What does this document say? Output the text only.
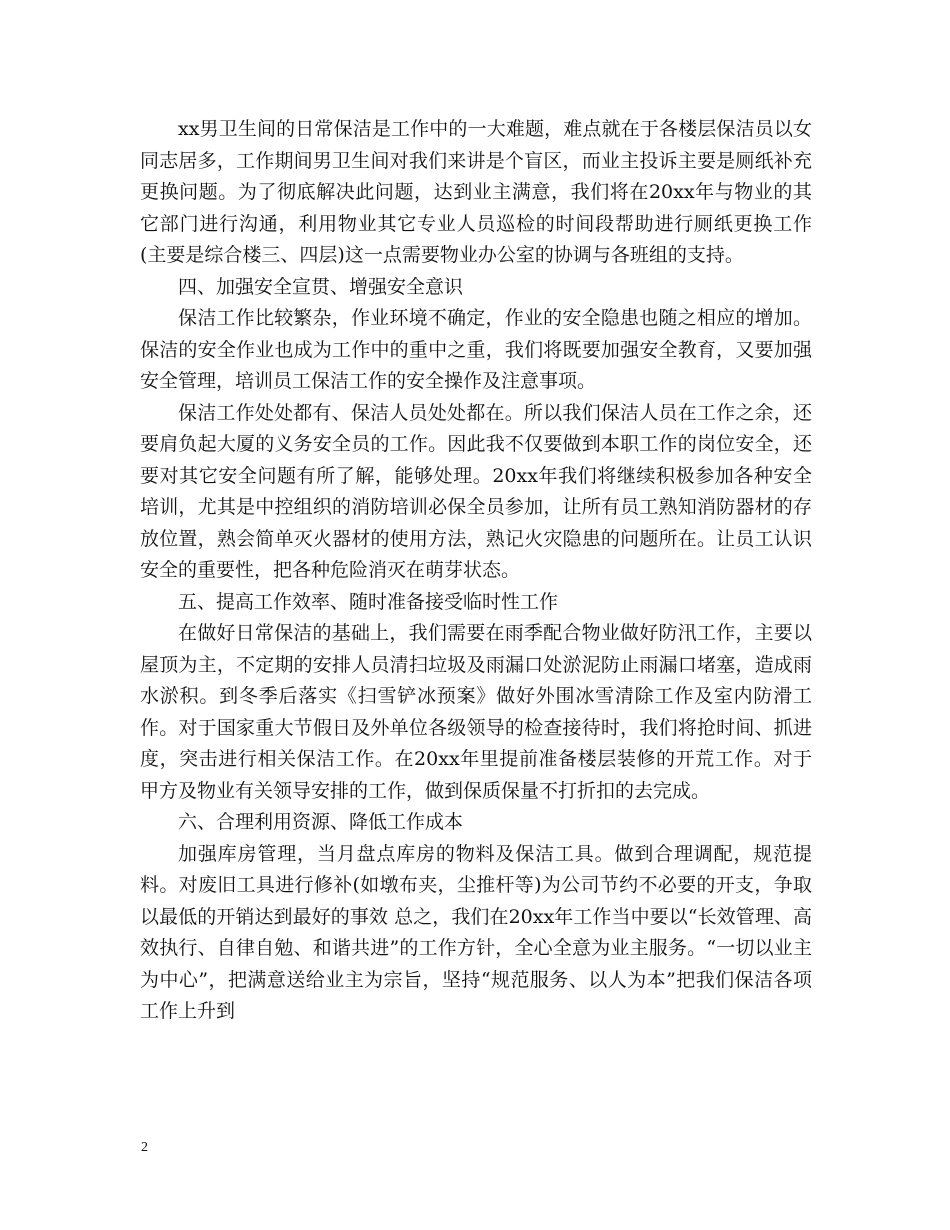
xx男卫生间的日常保洁是工作中的一大难题，难点就在于各楼层保洁员以女同志居多，工作期间男卫生间对我们来讲是个盲区，而业主投诉主要是厕纸补充更换问题。为了彻底解决此问题，达到业主满意，我们将在20xx年与物业的其它部门进行沟通，利用物业其它专业人员巡检的时间段帮助进行厕纸更换工作(主要是综合楼三、四层)这一点需要物业办公室的协调与各班组的支持。

四、加强安全宣贯、增强安全意识

保洁工作比较繁杂，作业环境不确定，作业的安全隐患也随之相应的增加。保洁的安全作业也成为工作中的重中之重，我们将既要加强安全教育，又要加强安全管理，培训员工保洁工作的安全操作及注意事项。

保洁工作处处都有、保洁人员处处都在。所以我们保洁人员在工作之余，还要肩负起大厦的义务安全员的工作。因此我不仅要做到本职工作的岗位安全，还要对其它安全问题有所了解，能够处理。20xx年我们将继续积极参加各种安全培训，尤其是中控组织的消防培训必保全员参加，让所有员工熟知消防器材的存放位置，熟会简单灭火器材的使用方法，熟记火灾隐患的问题所在。让员工认识安全的重要性，把各种危险消灭在萌芽状态。

五、提高工作效率、随时准备接受临时性工作

在做好日常保洁的基础上，我们需要在雨季配合物业做好防汛工作，主要以屋顶为主，不定期的安排人员清扫垃圾及雨漏口处淤泥防止雨漏口堵塞，造成雨水淤积。到冬季后落实《扫雪铲冰预案》做好外围冰雪清除工作及室内防滑工作。对于国家重大节假日及外单位各级领导的检查接待时，我们将抢时间、抓进度，突击进行相关保洁工作。在20xx年里提前准备楼层装修的开荒工作。对于甲方及物业有关领导安排的工作，做到保质保量不打折扣的去完成。

六、合理利用资源、降低工作成本

加强库房管理，当月盘点库房的物料及保洁工具。做到合理调配，规范提料。对废旧工具进行修补(如墩布夹，尘推杆等)为公司节约不必要的开支，争取以最低的开销达到最好的事效 总之，我们在20xx年工作当中要以“长效管理、高效执行、自律自勉、和谐共进”的工作方针，全心全意为业主服务。“一切以业主为中心”，把满意送给业主为宗旨，坚持“规范服务、以人为本”把我们保洁各项工作上升到

2
